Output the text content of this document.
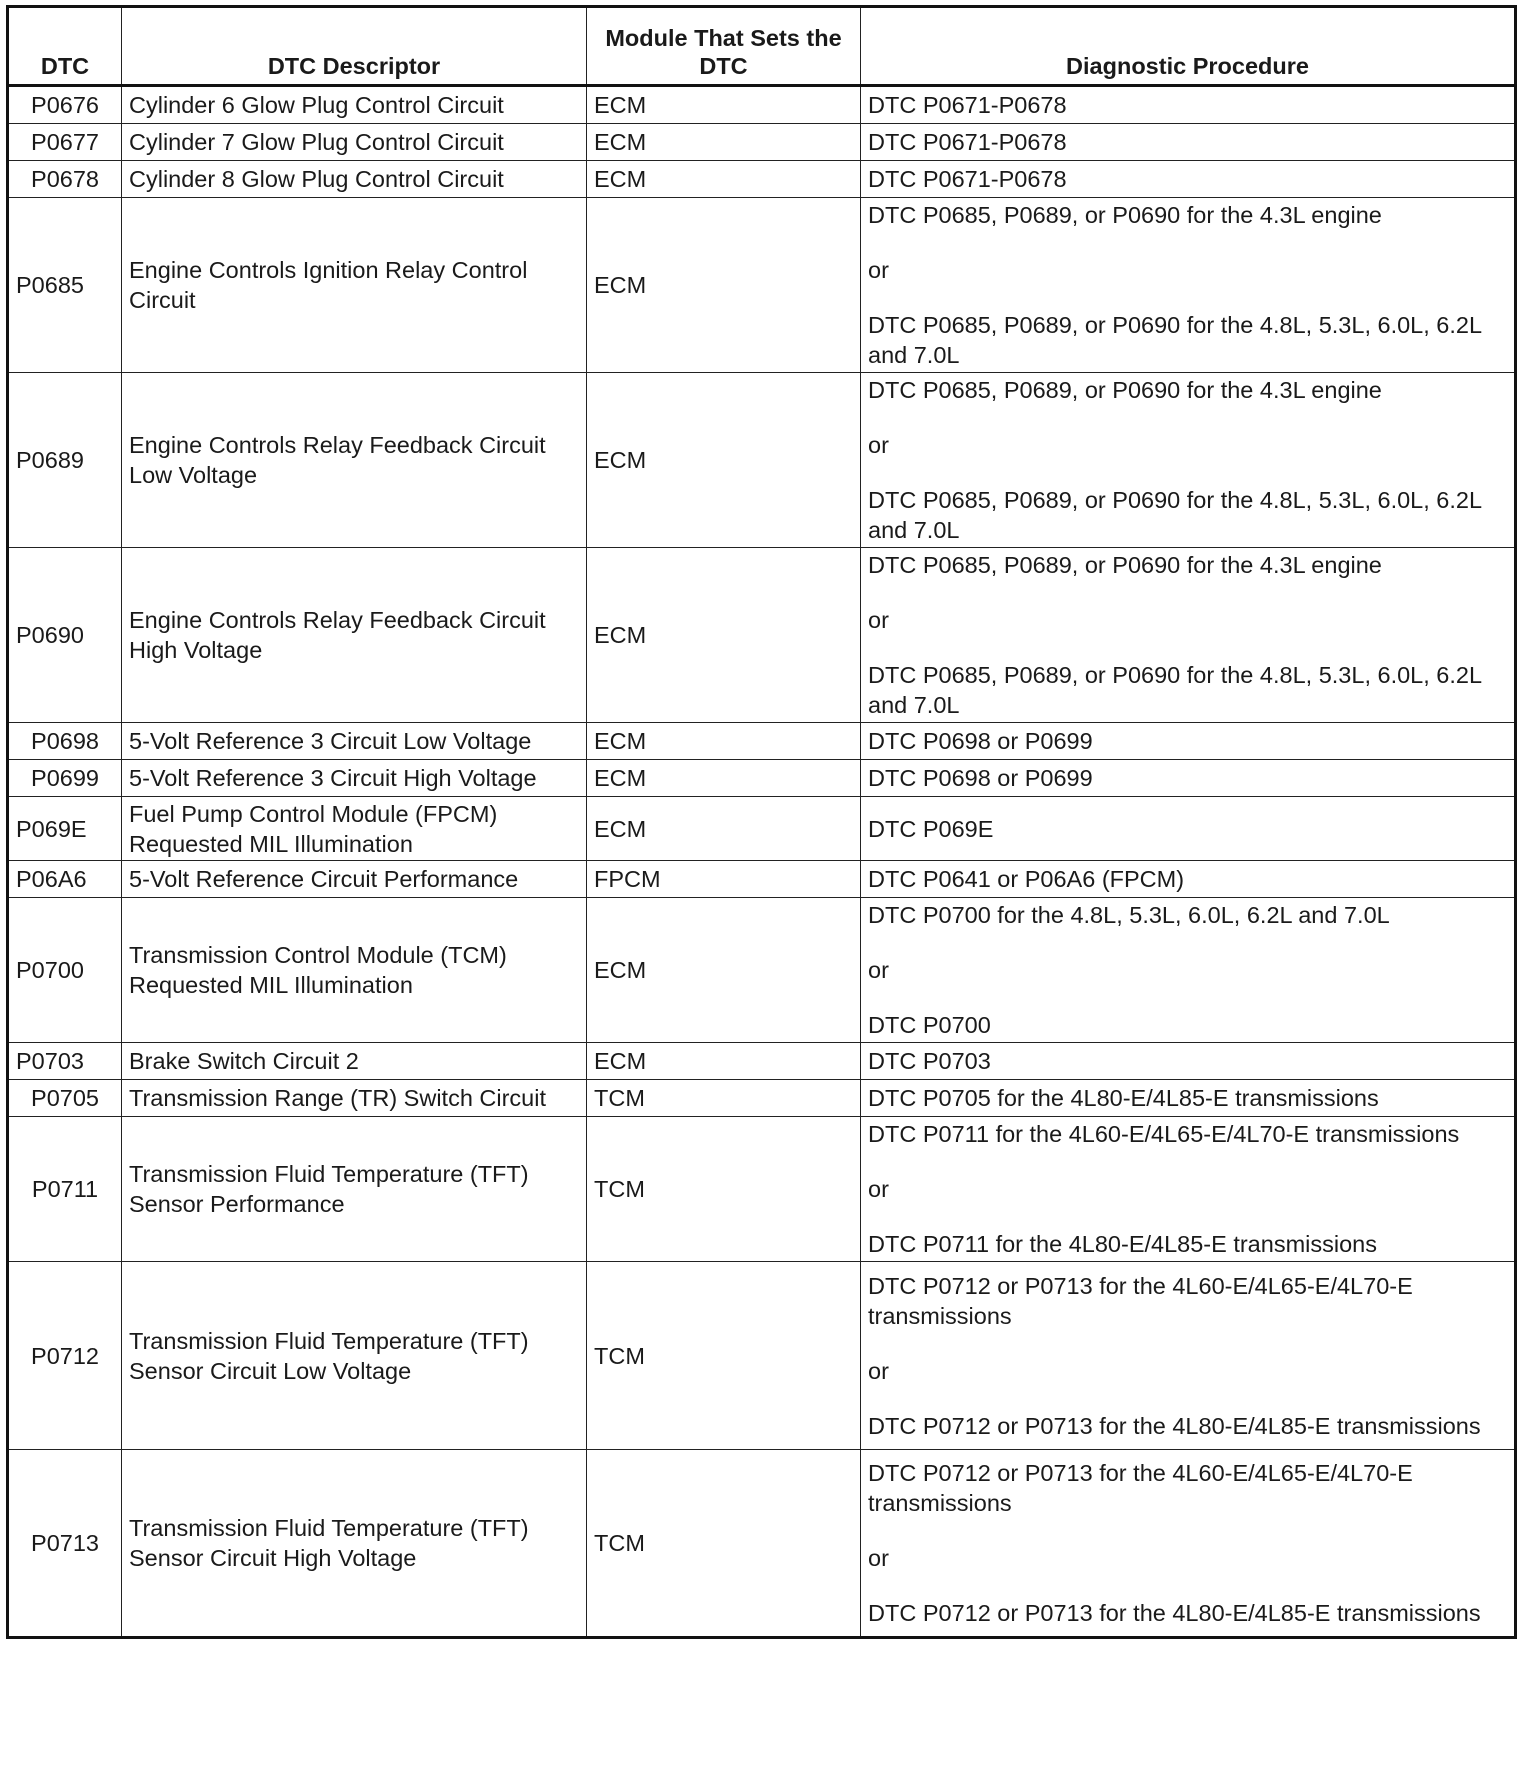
DTC	DTC Descriptor	Module That Sets the DTC	Diagnostic Procedure
P0676	Cylinder 6 Glow Plug Control Circuit	ECM	DTC P0671-P0678

P0677	Cylinder 7 Glow Plug Control Circuit	ECM	DTC P0671-P0678

P0678	Cylinder 8 Glow Plug Control Circuit	ECM	DTC P0671-P0678

P0685	Engine Controls Ignition Relay Control Circuit	ECM	DTC P0685, P0689, or P0690 for the 4.3L engine
or
DTC P0685, P0689, or P0690 for the 4.8L, 5.3L, 6.0L, 6.2L and 7.0L

P0689	Engine Controls Relay Feedback Circuit Low Voltage	ECM	DTC P0685, P0689, or P0690 for the 4.3L engine
or
DTC P0685, P0689, or P0690 for the 4.8L, 5.3L, 6.0L, 6.2L and 7.0L

P0690	Engine Controls Relay Feedback Circuit High Voltage	ECM	DTC P0685, P0689, or P0690 for the 4.3L engine
or
DTC P0685, P0689, or P0690 for the 4.8L, 5.3L, 6.0L, 6.2L and 7.0L

P0698	5-Volt Reference 3 Circuit Low Voltage	ECM	DTC P0698 or P0699

P0699	5-Volt Reference 3 Circuit High Voltage	ECM	DTC P0698 or P0699

P069E	Fuel Pump Control Module (FPCM) Requested MIL Illumination	ECM	DTC P069E

P06A6	5-Volt Reference Circuit Performance	FPCM	DTC P0641 or P06A6 (FPCM)

P0700	Transmission Control Module (TCM) Requested MIL Illumination	ECM	DTC P0700 for the 4.8L, 5.3L, 6.0L, 6.2L and 7.0L
or
DTC P0700

P0703	Brake Switch Circuit 2	ECM	DTC P0703

P0705	Transmission Range (TR) Switch Circuit	TCM	DTC P0705 for the 4L80-E/4L85-E transmissions

P0711	Transmission Fluid Temperature (TFT) Sensor Performance	TCM	DTC P0711 for the 4L60-E/4L65-E/4L70-E transmissions
or
DTC P0711 for the 4L80-E/4L85-E transmissions

P0712	Transmission Fluid Temperature (TFT) Sensor Circuit Low Voltage	TCM	DTC P0712 or P0713 for the 4L60-E/4L65-E/4L70-E transmissions
or
DTC P0712 or P0713 for the 4L80-E/4L85-E transmissions

P0713	Transmission Fluid Temperature (TFT) Sensor Circuit High Voltage	TCM	DTC P0712 or P0713 for the 4L60-E/4L65-E/4L70-E transmissions
or
DTC P0712 or P0713 for the 4L80-E/4L85-E transmissions
